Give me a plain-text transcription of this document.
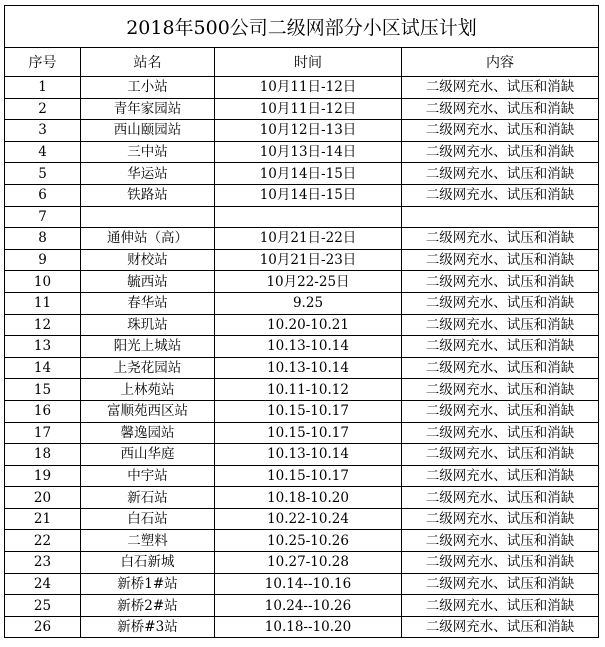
2018年500公司二级网部分小区试压计划			
序号	站名	时间	内容
1	工小站	10月11日-12日	二级网充水、试压和消缺
2	青年家园站	10月11日-12日	二级网充水、试压和消缺
3	西山颐园站	10月12日-13日	二级网充水、试压和消缺
4	三中站	10月13日-14日	二级网充水、试压和消缺
5	华运站	10月14日-15日	二级网充水、试压和消缺
6	铁路站	10月14日-15日	二级网充水、试压和消缺
7			
8	通伸站（高）	10月21日-22日	二级网充水、试压和消缺
9	财校站	10月21日-23日	二级网充水、试压和消缺
10	毓西站	10月22-25日	二级网充水、试压和消缺
11	春华站	9.25	二级网充水、试压和消缺
12	珠玑站	10.20-10.21	二级网充水、试压和消缺
13	阳光上城站	10.13-10.14	二级网充水、试压和消缺
14	上尧花园站	10.13-10.14	二级网充水、试压和消缺
15	上林苑站	10.11-10.12	二级网充水、试压和消缺
16	富顺苑西区站	10.15-10.17	二级网充水、试压和消缺
17	馨逸园站	10.15-10.17	二级网充水、试压和消缺
18	西山华庭	10.13-10.14	二级网充水、试压和消缺
19	中宇站	10.15-10.17	二级网充水、试压和消缺
20	新石站	10.18-10.20	二级网充水、试压和消缺
21	白石站	10.22-10.24	二级网充水、试压和消缺
22	二塑料	10.25-10.26	二级网充水、试压和消缺
23	白石新城	10.27-10.28	二级网充水、试压和消缺
24	新桥1#站	10.14--10.16	二级网充水、试压和消缺
25	新桥2#站	10.24--10.26	二级网充水、试压和消缺
26	新桥#3站	10.18--10.20	二级网充水、试压和消缺
